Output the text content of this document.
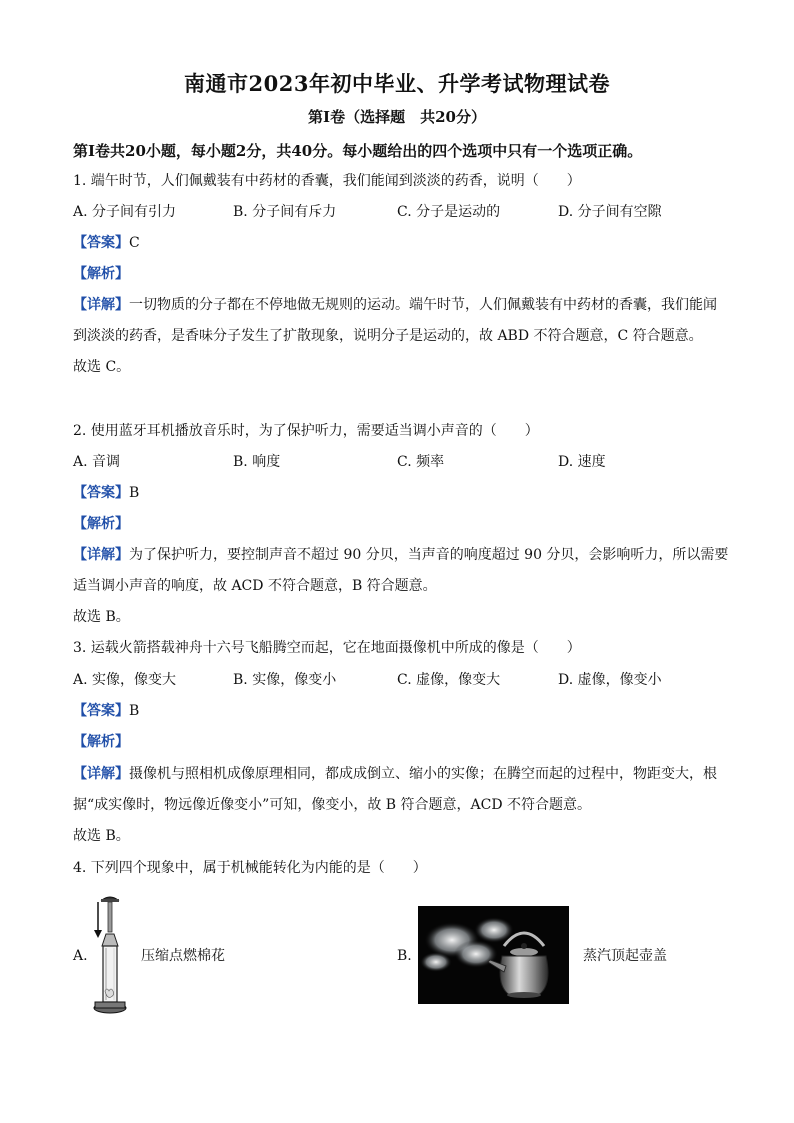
南通市2023年初中毕业、升学考试物理试卷
第Ⅰ卷（选择题　共20分）
第Ⅰ卷共20小题，每小题2分，共40分。每小题给出的四个选项中只有一个选项正确。
1. 端午时节，人们佩戴装有中药材的香囊，我们能闻到淡淡的药香，说明（　　）
A. 分子间有引力	B. 分子间有斥力	C. 分子是运动的	D. 分子间有空隙
【答案】C
【解析】
【详解】一切物质的分子都在不停地做无规则的运动。端午时节，人们佩戴装有中药材的香囊，我们能闻
到淡淡的药香，是香味分子发生了扩散现象，说明分子是运动的，故 ABD 不符合题意，C 符合题意。
故选 C。
2. 使用蓝牙耳机播放音乐时，为了保护听力，需要适当调小声音的（　　）
A. 音调	B. 响度	C. 频率	D. 速度
【答案】B
【解析】
【详解】为了保护听力，要控制声音不超过 90 分贝，当声音的响度超过 90 分贝，会影响听力，所以需要
适当调小声音的响度，故 ACD 不符合题意，B 符合题意。
故选 B。
3. 运载火箭搭载神舟十六号飞船腾空而起，它在地面摄像机中所成的像是（　　）
A. 实像，像变大	B. 实像，像变小	C. 虚像，像变大	D. 虚像，像变小
【答案】B
【解析】
【详解】摄像机与照相机成像原理相同，都成成倒立、缩小的实像；在腾空而起的过程中，物距变大，根
据“成实像时，物远像近像变小”可知，像变小，故 B 符合题意，ACD 不符合题意。
故选 B。
4. 下列四个现象中，属于机械能转化为内能的是（　　）
A.	压缩点燃棉花	B.	蒸汽顶起壶盖
